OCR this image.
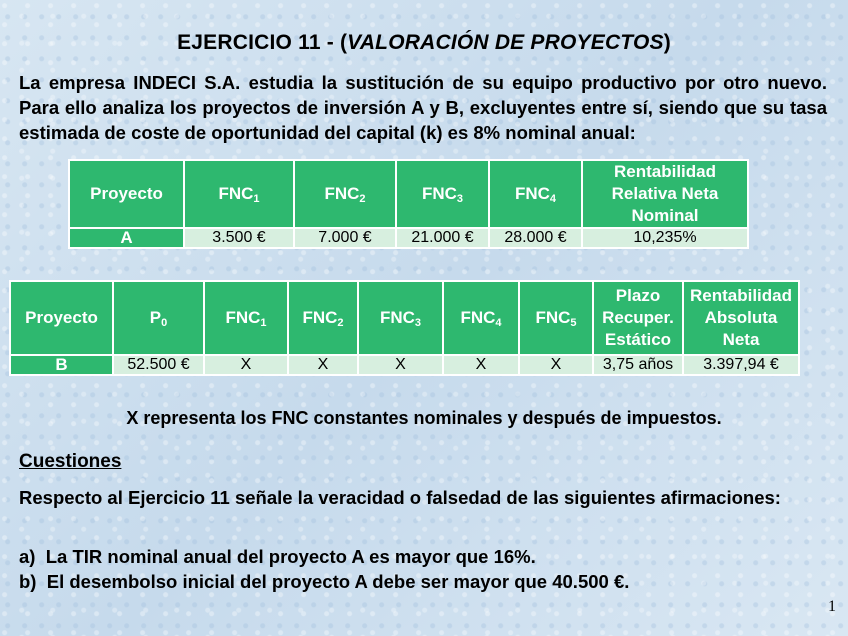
EJERCICIO 11 - (VALORACIÓN DE PROYECTOS)
La empresa INDECI S.A. estudia la sustitución de su equipo productivo por otro nuevo. Para ello analiza los proyectos de inversión A y B, excluyentes entre sí, siendo que su tasa estimada de coste de oportunidad del capital (k) es 8% nominal anual:
Proyecto	$FNC_1$	$FNC_2$	$FNC_3$	$FNC_4$	Rentabilidad Relativa Neta Nominal
A	3.500 €	7.000 €	21.000 €	28.000 €	10,235%
Proyecto	$P_0$	$FNC_1$	$FNC_2$	$FNC_3$	$FNC_4$	$FNC_5$	Plazo Recuper. Estático	Rentabilidad Absoluta Neta
B	52.500 €	X	X	X	X	X	3,75 años	3.397,94 €
X representa los FNC constantes nominales y después de impuestos.
Cuestiones
Respecto al Ejercicio 11 señale la veracidad o falsedad de las siguientes afirmaciones:
a) La TIR nominal anual del proyecto A es mayor que 16%.
b) El desembolso inicial del proyecto A debe ser mayor que 40.500 €.
1
